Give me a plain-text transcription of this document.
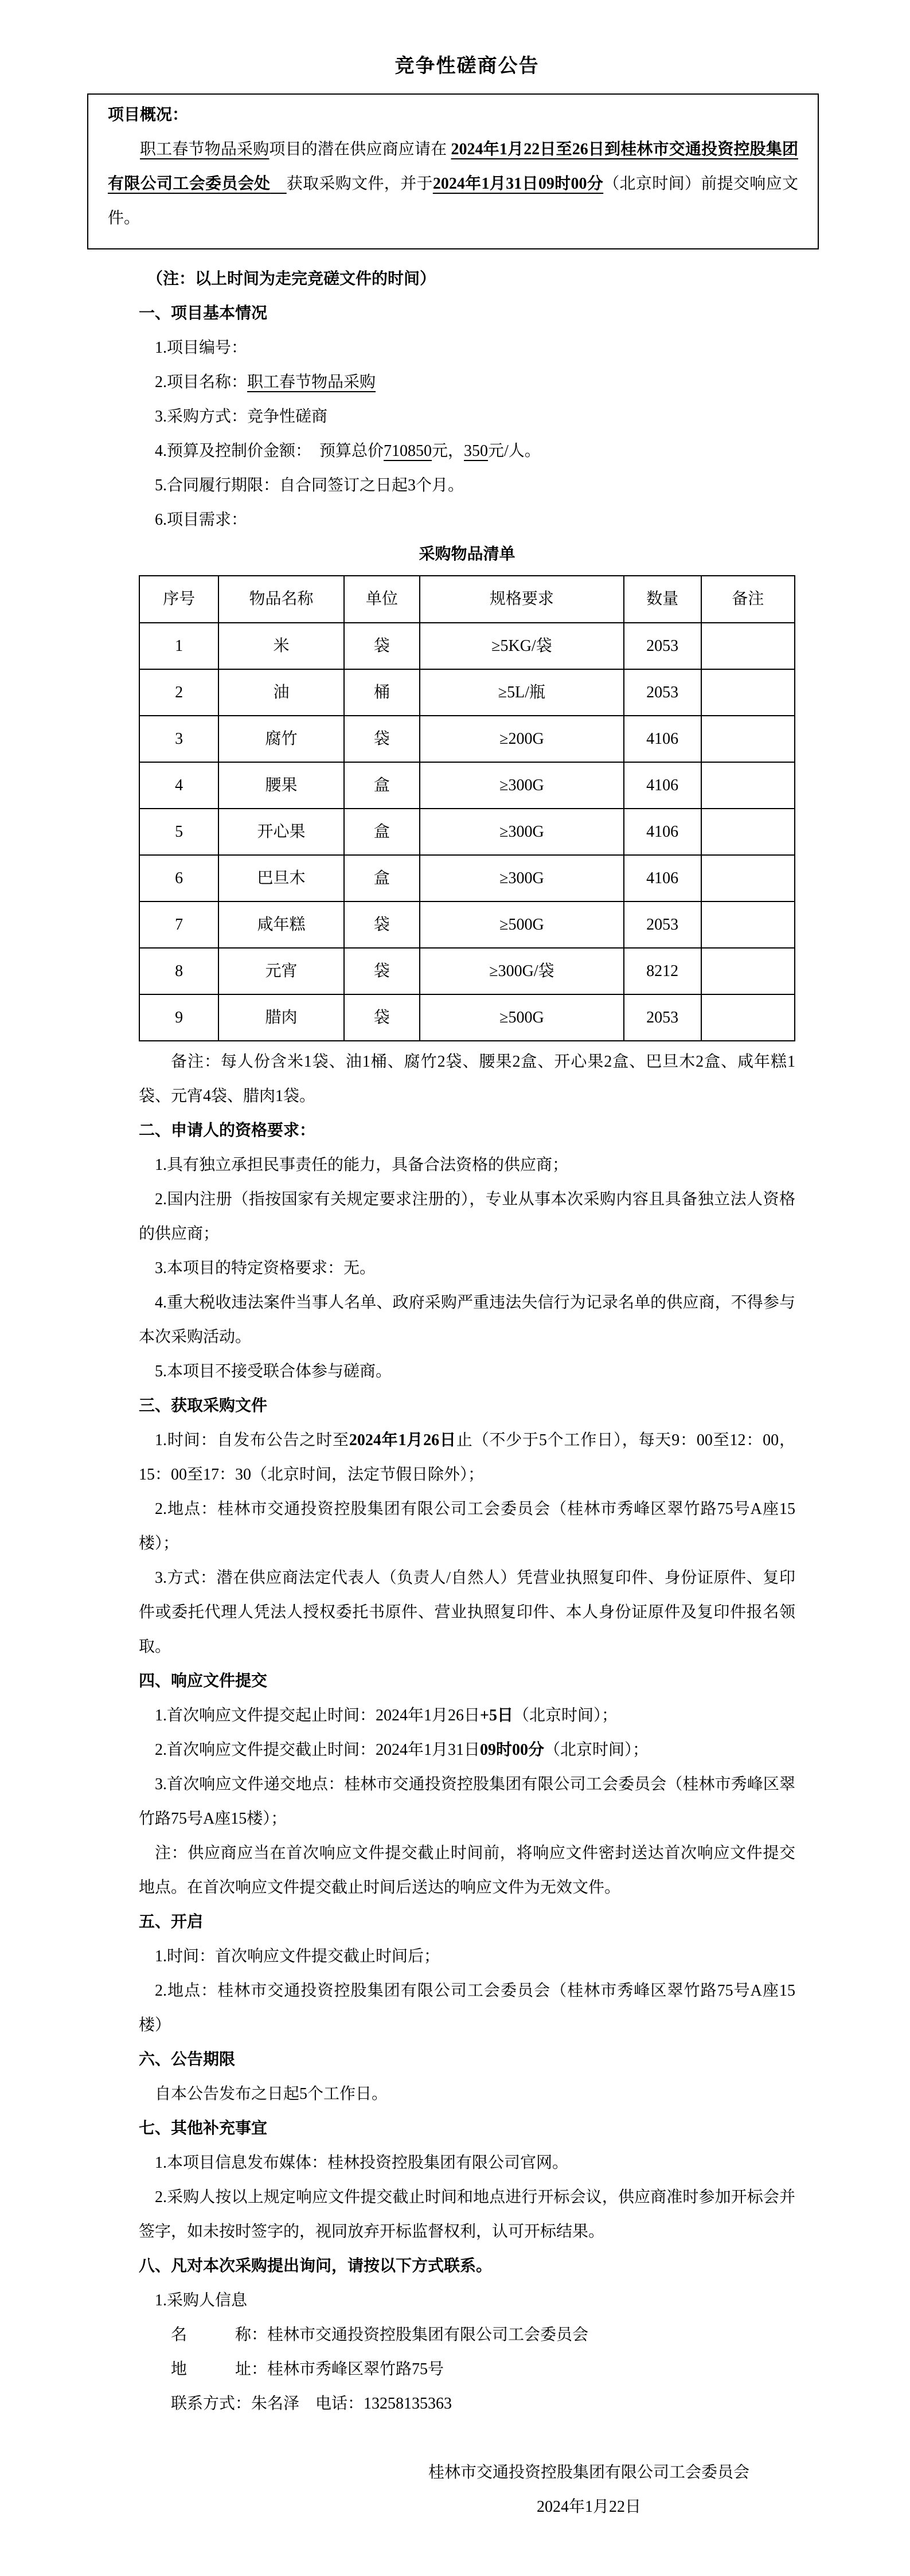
竞争性磋商公告
项目概况：
职工春节物品采购项目的潜在供应商应请在 2024年1月22日至26日到桂林市交通投资控股集团有限公司工会委员会处　 获取采购文件，并于2024年1月31日09时00分（北京时间）前提交响应文件。
（注：以上时间为走完竞磋文件的时间）
一、项目基本情况
1.项目编号：
2.项目名称：职工春节物品采购
3.采购方式：竞争性磋商
4.预算及控制价金额：　预算总价710850元，350元/人。
5.合同履行期限：自合同签订之日起3个月。
6.项目需求：
采购物品清单
序号	物品名称	单位	规格要求	数量	备注
1	米	袋	≥5KG/袋	2053	
2	油	桶	≥5L/瓶	2053	
3	腐竹	袋	≥200G	4106	
4	腰果	盒	≥300G	4106	
5	开心果	盒	≥300G	4106	
6	巴旦木	盒	≥300G	4106	
7	咸年糕	袋	≥500G	2053	
8	元宵	袋	≥300G/袋	8212	
9	腊肉	袋	≥500G	2053	
备注：每人份含米1袋、油1桶、腐竹2袋、腰果2盒、开心果2盒、巴旦木2盒、咸年糕1袋、元宵4袋、腊肉1袋。
二、申请人的资格要求：
1.具有独立承担民事责任的能力，具备合法资格的供应商；
2.国内注册（指按国家有关规定要求注册的），专业从事本次采购内容且具备独立法人资格的供应商；
3.本项目的特定资格要求：无。
4.重大税收违法案件当事人名单、政府采购严重违法失信行为记录名单的供应商，不得参与本次采购活动。
5.本项目不接受联合体参与磋商。
三、获取采购文件
1.时间：自发布公告之时至2024年1月26日止（不少于5个工作日），每天9：00至12：00，15：00至17：30（北京时间，法定节假日除外）；
2.地点：桂林市交通投资控股集团有限公司工会委员会（桂林市秀峰区翠竹路75号A座15楼）；
3.方式：潜在供应商法定代表人（负责人/自然人）凭营业执照复印件、身份证原件、复印件或委托代理人凭法人授权委托书原件、营业执照复印件、本人身份证原件及复印件报名领取。
四、响应文件提交
1.首次响应文件提交起止时间：2024年1月26日+5日（北京时间）；
2.首次响应文件提交截止时间：2024年1月31日09时00分（北京时间）；
3.首次响应文件递交地点：桂林市交通投资控股集团有限公司工会委员会（桂林市秀峰区翠竹路75号A座15楼）；
注：供应商应当在首次响应文件提交截止时间前，将响应文件密封送达首次响应文件提交地点。在首次响应文件提交截止时间后送达的响应文件为无效文件。
五、开启
1.时间：首次响应文件提交截止时间后；
2.地点：桂林市交通投资控股集团有限公司工会委员会（桂林市秀峰区翠竹路75号A座15楼）
六、公告期限
自本公告发布之日起5个工作日。
七、其他补充事宜
1.本项目信息发布媒体：桂林投资控股集团有限公司官网。
2.采购人按以上规定响应文件提交截止时间和地点进行开标会议，供应商准时参加开标会并签字，如未按时签字的，视同放弃开标监督权利，认可开标结果。
八、凡对本次采购提出询问，请按以下方式联系。
1.采购人信息
名　　　称：桂林市交通投资控股集团有限公司工会委员会
地　　　址：桂林市秀峰区翠竹路75号
联系方式：朱名泽　电话：13258135363
桂林市交通投资控股集团有限公司工会委员会
2024年1月22日
